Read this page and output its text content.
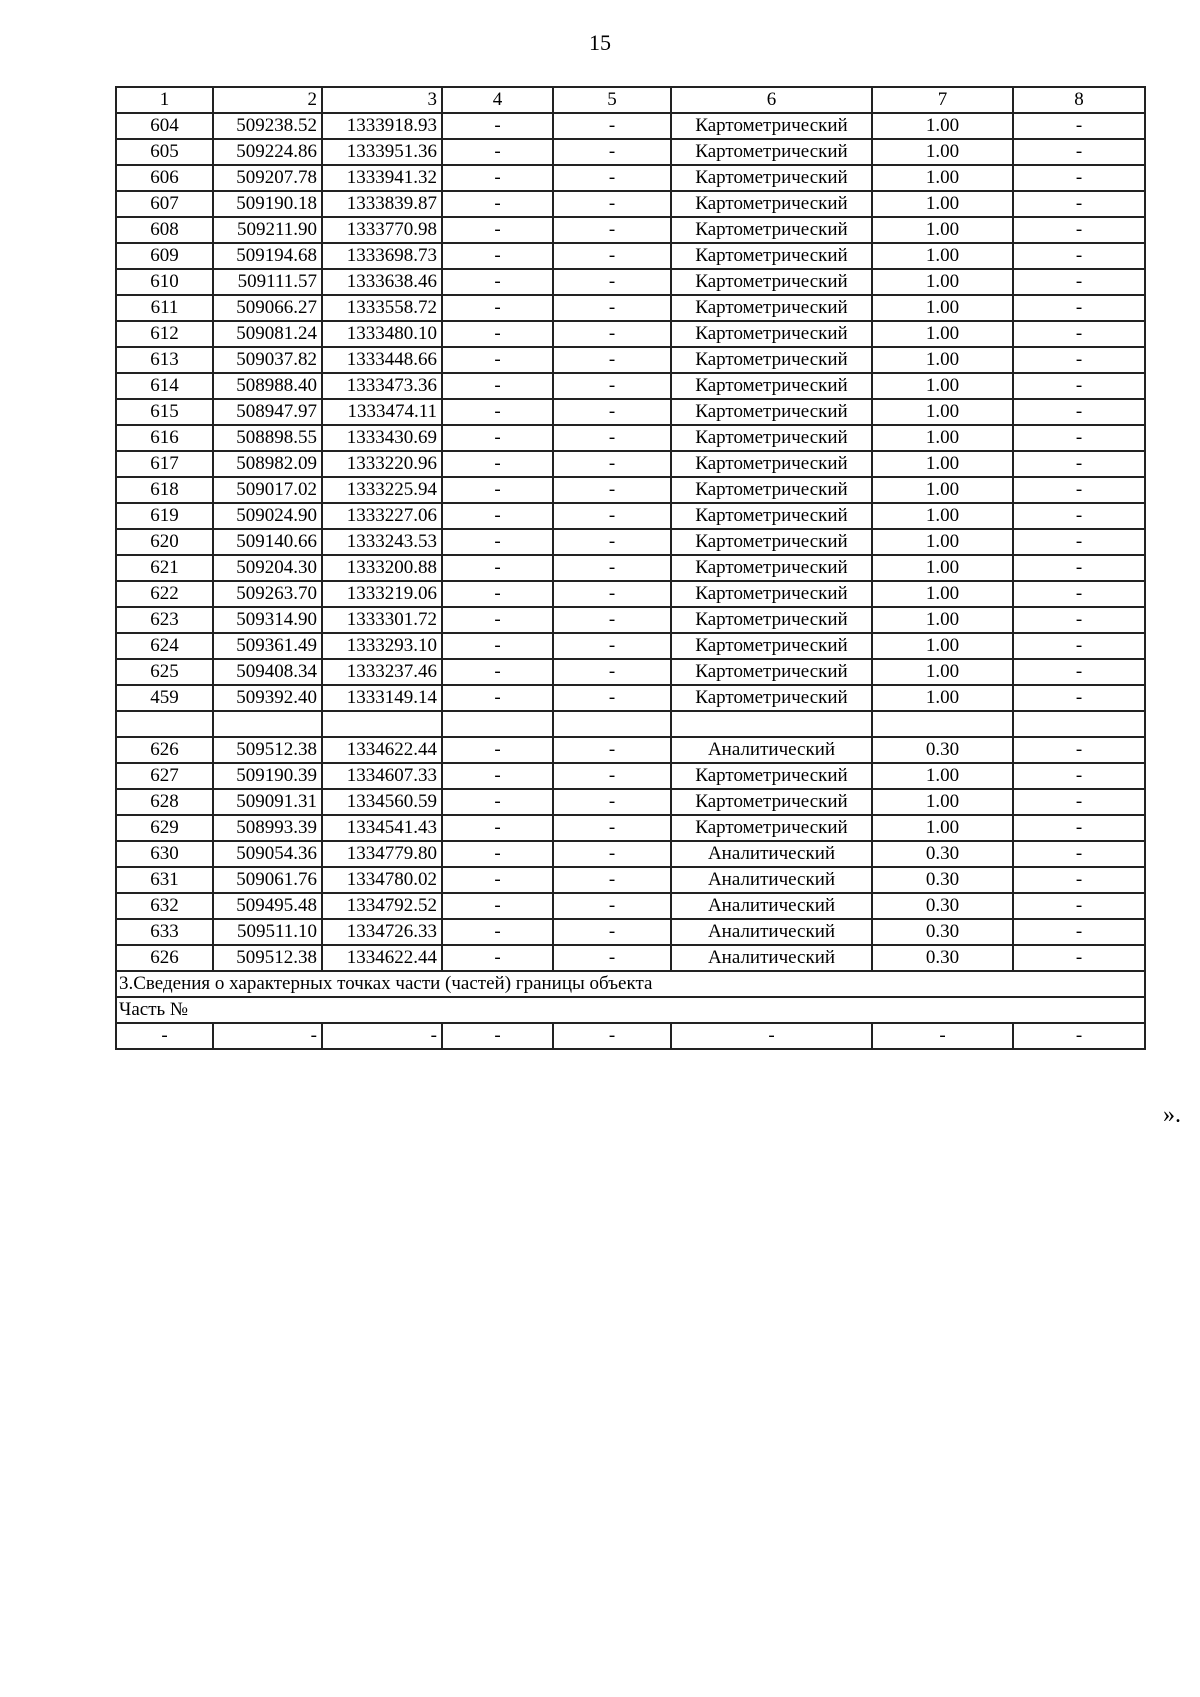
15
1	2	3	4	5	6	7	8
604	509238.52	1333918.93	-	-	Картометрический	1.00	-
605	509224.86	1333951.36	-	-	Картометрический	1.00	-
606	509207.78	1333941.32	-	-	Картометрический	1.00	-
607	509190.18	1333839.87	-	-	Картометрический	1.00	-
608	509211.90	1333770.98	-	-	Картометрический	1.00	-
609	509194.68	1333698.73	-	-	Картометрический	1.00	-
610	509111.57	1333638.46	-	-	Картометрический	1.00	-
611	509066.27	1333558.72	-	-	Картометрический	1.00	-
612	509081.24	1333480.10	-	-	Картометрический	1.00	-
613	509037.82	1333448.66	-	-	Картометрический	1.00	-
614	508988.40	1333473.36	-	-	Картометрический	1.00	-
615	508947.97	1333474.11	-	-	Картометрический	1.00	-
616	508898.55	1333430.69	-	-	Картометрический	1.00	-
617	508982.09	1333220.96	-	-	Картометрический	1.00	-
618	509017.02	1333225.94	-	-	Картометрический	1.00	-
619	509024.90	1333227.06	-	-	Картометрический	1.00	-
620	509140.66	1333243.53	-	-	Картометрический	1.00	-
621	509204.30	1333200.88	-	-	Картометрический	1.00	-
622	509263.70	1333219.06	-	-	Картометрический	1.00	-
623	509314.90	1333301.72	-	-	Картометрический	1.00	-
624	509361.49	1333293.10	-	-	Картометрический	1.00	-
625	509408.34	1333237.46	-	-	Картометрический	1.00	-
459	509392.40	1333149.14	-	-	Картометрический	1.00	-

626	509512.38	1334622.44	-	-	Аналитический	0.30	-
627	509190.39	1334607.33	-	-	Картометрический	1.00	-
628	509091.31	1334560.59	-	-	Картометрический	1.00	-
629	508993.39	1334541.43	-	-	Картометрический	1.00	-
630	509054.36	1334779.80	-	-	Аналитический	0.30	-
631	509061.76	1334780.02	-	-	Аналитический	0.30	-
632	509495.48	1334792.52	-	-	Аналитический	0.30	-
633	509511.10	1334726.33	-	-	Аналитический	0.30	-
626	509512.38	1334622.44	-	-	Аналитический	0.30	-
3.Сведения о характерных точках части (частей) границы объекта							
Часть №							
-	-	-	-	-	-	-	-
».
